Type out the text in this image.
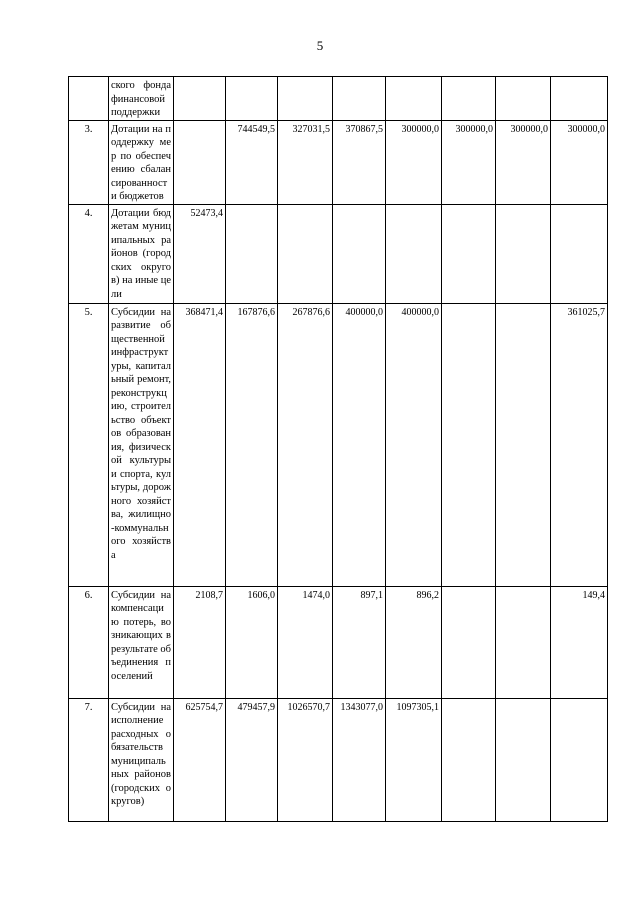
5
	ского фонда финансовой поддержки								
3.	Дотации на поддержку мер по обеспечению сбалансированности бюджетов		744549,5	327031,5	370867,5	300000,0	300000,0	300000,0	300000,0
4.	Дотации бюджетам муниципальных районов (городских округов) на иные цели	52473,4							
5.	Субсидии на развитие общественной инфраструктуры, капитальный ремонт, реконструкцию, строительство объектов образования, физической культуры и спорта, культуры, дорожного хозяйства, жилищно-коммунального хозяйства	368471,4	167876,6	267876,6	400000,0	400000,0			361025,7
6.	Субсидии на компенсацию потерь, возникающих в результате объединения поселений	2108,7	1606,0	1474,0	897,1	896,2			149,4
7.	Субсидии на исполнение расходных обязательств муниципальных районов (городских округов)	625754,7	479457,9	1026570,7	1343077,0	1097305,1			
